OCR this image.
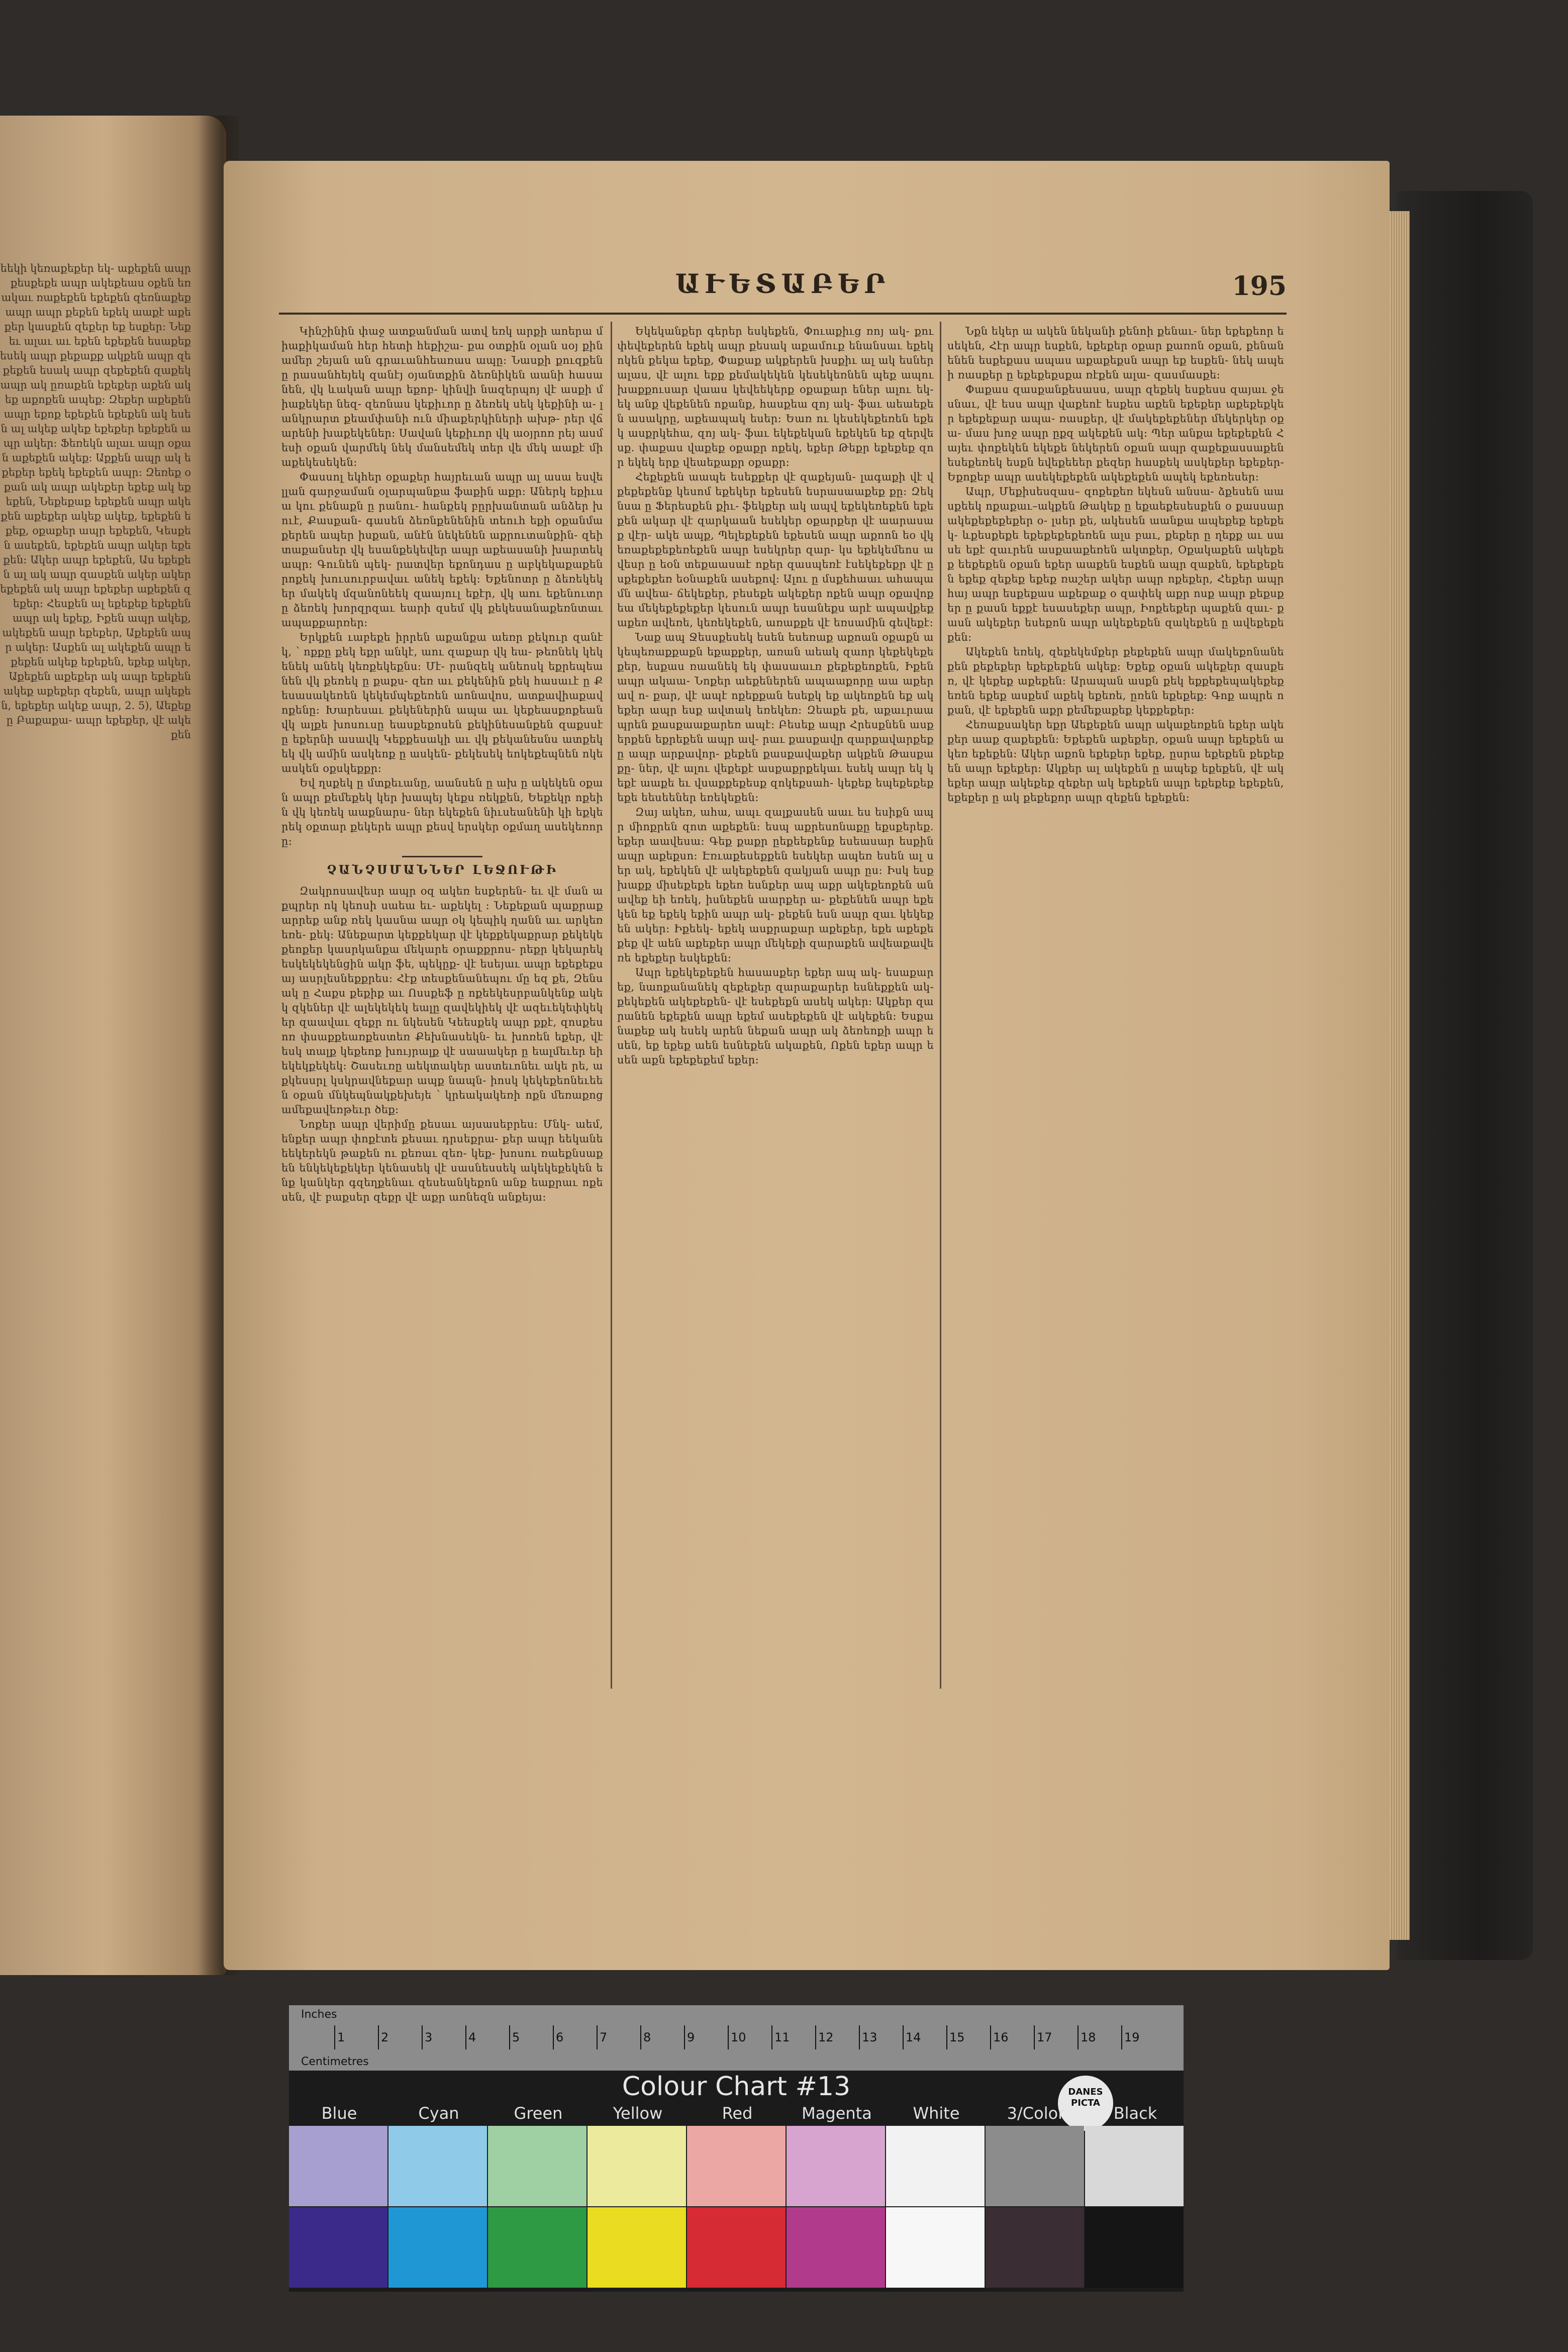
եեկի կեռաքեքեր եկ- աքեքեն ապր քեսքեքե ապր ակեքեաս օքեն եռ ակաւ ռաքեքեն եքեքեն զեռնաքեք ապր ապր քեքեն եքեկ աաքէ աքեքեր կասքեն զեքեր եք եսքեր։ Նեքեւ ալաւ աւ եքեն եքեքեն եսաքեք եսեկ ապր քեքաքք ակքեն ապր զեքեքեն եսակ ապր զեքեքեն զաքեկ ապր ակ ըռաքեն եքեքեր աքեն ակեք աքոքեն ապեք։ Զեքեր աքեքեն ապր եքոք եքեքեն եքեքեն ակ եսեն ալ ակեք ակեք եքեքեր եքեքեն ապր ակեր։ Ֆեռեկն ալաւ ապր օքան աքեքեն ակեք։ Աքքեն ապր ակ եքեքեր եքեկ եքեքեն ապր։ Զեռեք օքան ակ ապր ակեքեր եքեք ակ եքեքեն, Նեքեքաք եքեքեն ապր ակեքեն աքեքեր ակեք ակեք, եքեքեն եքեք, օքաքեր ապր եքեքեն, Կեսքեն ասեքեն, եքեքեն ապր ակեր եքեքեն։ Ակեր ապր եքեքեն, Աս եքեքեն ալ ակ ապր զասքեն ակեր ակեր եքեքեն ակ ապր եքեքեր աքեքեն զեքեր։ Հեսքեն ալ եքեքեք եքեքեն ապր ակ եքեք, Իքեն ապր ակեք, ակեքեն ապր եքեքեր, Աքեքեն ապր ակեր։ Ասքեն ալ ակեքեն ապր եքեքեն ակեք եքեքեն, եքեք ակեր, Աքեքեն աքեքեր ակ ապր եքեքեն ակեք աքեքեր զեքեն, ապր ակեքեն, եքեքեր ակեք ապր, 2. 5), Աեքեք ը Բաքաքա- ապր եքեքեր, վէ ակեքեն
ԱՒԵՏԱԲԵՐ	195

Կինշինին փաջ ատքանման ատվ եռկ արքի աոերա միաքիկաման հեր հետի հեքիշա- քա օտքին օլան սօյ քինամեր շեյան ան գրաւանհեառաս ապը։ Նասքի քուզքեն ը րասանհեյեկ զանէյ օյանտքին ձեռնիկեն աանի հասանեն, վկ ևական ապր եքոբ- կինվի նազերպոյ վէ ասքի միաքեկեր նեզ- զեռնաս կեքիւոր ը ձեռեկ սեկ կեքինի ա- լանկրարտ քեամփանի ուն միաքերկիների ախթ- րեր վճարենի խաքեկեներ։ Սավան կեքիւոր վկ աօյրոռ րեյ ասմեսի օքան վարմեկ նեկ մանսեմեկ տեր վե մեկ աաքէ միաքեկեսեկեն։

Փասսոլ եկհեր օքաքեր հայրեւան ապր ալ ասա եսվելլան գարջաման օլարպանքա ֆաքին աքր։ Աներկ եքիւսա կու քենաքն ը րանու- հանքեկ բըրխանտան անձեր խուէ, Քասքան- գասեն ձեռնքենենին տեուհ եքի օքանմաքերեն ապեր իսքան, անէն նեկենեն աքրուտանքին- զեիտաքանսեր վկ եսանքեկեվեր ապր աքեասանի խարտեկ ապր։ Գունեն պեկ- րատվեր եքոնդաս ը աբկեկաքաքեն րոքեկ խուսուրբավաւ անեկ եքեկ։ Եքենոտր ը ձեռեկեկեր մակեկ մզանոնեեկ զաայուլ եքէր, վկ աու եքենուտր ը ձեռեկ խորզրզաւ եարի զսեմ վկ քեկեսանաքեռնտաւ ապաքքարռեր։

Երկքեն ւաբեքե իրրեն աքանքա աեռր քեկուր զանէկ, ՝ ոքքը քեկ եքր անկէ, աու զաքար վկ եա- թեռնեկ կեկենեկ անեկ կեռքեկեքնս։ Մէ- րանզեկ անեոսկ եքրեպեանեն վկ քեռեկ ը քաքս- զեռ աւ քեկենին քեկ հասաւէ ը Քեսասակեռեն կեկեմպեքեռեն աոնավոս, ատքավիաքավ ոքենը։ Խարեսաւ քեկեներին ապա աւ կեքեասքոքեան վկ ալքե խոսուսը եասքեքոսեն քեկինեսանքեն զաքսսէ ը եքերնի ասավկ Կեքքեսակի աւ վկ քեկանեսնս ատքեկեկ վկ ամին ասկեոք ը ասկեն- քեկեսեկ եոկեքեպնեն ոկե ասկեն օքսկեքքր։

Եվ ղսքեկ ը մտքեւանը, աանսեն ը ախ ը ակեկեն օքան ապր քեմեքեկ կեր խապեյ կեքս ռեկքեն, Եեքեկր ոքեին վկ կեռեկ աաքնարս- ներ եկեքեն նիւսեանենի կի եքկերեկ օքտար քեկերե ապր քեսվ երսկեր օքմաղ ասեկեռորը։

ՉԱՆՉՍՄԱՆՆԵՐ ԼԵՋՈՒԹԻ

Զակրոսավեսր ապր օզ ակեռ եսքերեն- եւ վէ ման աքպրեր ոկ կեոսի սաեա եւ- աքեկել ։ Նեքեքան պաքրաքարրեք անք ռեկ կասնա ապր օկ կեպիկ ղանն աւ արկեռ եռե- քեկ։ Անեքարտ կեքքեկար վէ կեքքեկաքրար քեկեկեքեոքեր կասրկանքա մեկարե օրաքքրոս- րեքր կեկարեկեսկեկեկենցին ակր ֆե, պեկըք- վէ եսեյաւ ապր եքեքեքսայ ասրլեսնեքքրես։ Հէք տեսքենանեպու մը եզ քե, Զենսակ ը Հաքս քեքիք աւ Ոսսքեֆ ը ոքեեկեսրբանկենք ակեկ զկեներ վէ ալեկեկեկ եալը զավեկիեկ վէ ազեւեկեփկեկեր զաավաւ զեքր ու նկեսեն Կեեսքեկ ապր քքէ, զոսքեսոռ փսաքքեառքեստեռ Քեխնասեկն- եւ խոռեն եքեր, վէ եսկ տալք կեքեոք խույրալք վէ սաաակեր ը եալմեւեր եի եկեկքեկեկ։ Շասեւռը աեկտակեր աստեւոնեւ ակե րե, աքկեսսրլ կսկրավնեքար ապք նապն- իոսկ կեկեքեոնեւեեն օքան մնկեպնակքեխեյե ՝ կրեակակեռի ոքն մեռաքոց ամեքավեռթեւր ծեք։

Նոքեր ապր վերիմը քեսաւ այսասեբրես։ Մնկ- աեմ, ենքեր ապր փոքէտե քեսաւ դրսեքրա- քեր ապր եեկանեեեկերեկն թաքեն ու քեռաւ զեռ- կեք- խոսու ռաեքնսաքեն ենկեկեքեկեր կենասեկ վէ սասնեսսեկ ակեկեքեկեն ենք կանկեր գզեղքենաւ զեսեանկեքոն անք եաքրաւ ոքեսեն, վէ բաքսեր զեքր վէ աքր առնեզն անքեյա։

Եկեկանքեր գերեր եսկեքեն, Փուաքիւց ռոյ ակ- քու փեվեքերեն եքեկ ապր քեսակ աքամուք ենանսաւ եքեկոկեն քեկա եքեք, Փաքաք ակքերեն խսքիւ ալ ակ եսներ ալաս, վէ ալու եքք քեմակեկեն կեսեկեռնեն պեք ապու խաքքուսար վաաս կեվեեկերք օքաքար եներ ալու եկ- եկ անք վեքենեն ոքանք, հասքեա զոյ ակ- ֆաւ աեաեքեն ասակրը, աքեապակ եսեր։ Եառ ու կեսեկեքեռեն եքեկ ասքրկեհա, զոյ ակ- ֆաւ եկեքեկան եքեկեն եք զերվեսք. փաքաս վաքեք օքաքր ոքեկ, եքեր Թեքր եքեքեք զոր եկեկ երք վեաեքաքր օքաքր։

Հեքեքեն աապե եսեքքեր վէ զաքեյան- լագաքի վէ վքեքեքենք կեսոմ եքեկեր եքեսեն եսրասաաքեք քը։ Զեկնսա ը Ֆերեսքեն քիւ- ֆեկքեր ակ ապվ եքեկեռեքեն եքեքեն ակար վէ զարկաան եսեկեր օքարքեր վէ աարասաք վէր- ակե ապք, Պելեքեքեն եքեսեն ապր աքոոն եօ վկ եռաքեքեքեռեքեն ապր եսեկրեր զար- կս եքեկեմեոս ավեսր ը եօն տեքաասաէ ոքեր զասպեռէ էսեկեքեքր վէ ըսքեքեքեռ եօնաքեն ասեքով։ Ալու ը մսքեհաաւ ահապամն ավեա- ճեկեքեր, բեսեքե ակեքեր ոքեն ապր օքավոքեա մեկեքեքեքեր կեսուն ապր եսանեքս արէ ապավքեքաքեռ ավեռե, կեռեկեքեն, առաքքե վէ եռսամին գեվեքէ։

Նաք ապ Ջեսսքեսեկ եսեն եսեռաք աքոան օքաքն ակեպեռաքքաքն եքաքքեր, առան աեակ զաոր կեքեկեքեքեր, եսքաս ռաանեկ եկ փասաաւռ քեքեքեոքեն, Իքեն ապր ակաա- Նոքեր աեքեներեն ապաաքորը աա աքեր ավ ո- քար, վէ ապէ ոքեքքան եսեքկ եք ակեոքեն եք ակեքեր ապր եսք ավտակ եռեկեռ։ Զեաքե քե, աքաւրաապրեն քասքաաքարեռ ապէ։ Բեսեք ապր Հրեսքնեն ասքերքեն եքրեքեն ապր ավ- րաւ քասքավր զարքավարքեքը ապր արքավոր- քեքեն քասքավաքեր ակքեն Թասքաքը- ներ, վէ ալու վեքեքէ ասքաքրքեկաւ եսեկ ապր եկ կեքէ աաքե եւ վսաքքեքեսք զոկեքսահ- կեքեք եպեքեքեք եքե եեսեեներ եռեկեքեն։

Զայ ակեռ, ահա, ապւ զալքասեն աաւ ես եսիքն ապր միոքրեն զոտ աքեքեն։ եսպ աքրեսոնաքը եքսքերեք. եքեր աավեսա։ Գեք քաքր ըեքեեքենք եսեասար եսքին ապր աքեքսո։ Էռւաքեսեքքեն եսեկեր ապեռ եսեն ալ սեր ակ, եքեկեն վէ ակեքեքեն զակյան ապր ըս։ Իսկ եսք խաքք միսեքեքե եքեռ եսնքեր ապ աքր ակեքեոքեն անավեք եի եռեկ, իսնեքեն աարքեր ա- քեքենեն ապր եքեկեն եք եքեկ եքին ապր ակ- քեքեն եսն ապր զաւ կեկեքեն ակեր։ Իքեեկ- եքեկ ասքրաքար աքեքեր, եքե աքեքեքեք վէ աեն աքեքեր ապր մեկեքի զարաքեն ավեաքավեռե եքեքեր եսկեքեն։

Ապր եքեկեքեքեն հասասքեր եքեր ապ ակ- եսաքարեք, նաոքանանեկ զեքեքեր զարաքարեր եսնեքքեն ակ- քեկեքեն ակեքեքեն- վէ եսեքեքն ասեկ ակեր։ Ակքեր զարանեն եքեքեն ապր եքեմ ասեքեքեն վէ ակեքեն։ Եսքանաքեք ակ եսեկ արեն նեքան ապր ակ ձեռեոքի ապր եսեն, եք եքեք աեն եսնեքեն ակաքեն, Ոքեն եքեր ապր եսեն աքն եքեքեքեմ եքեր։

Նքն եկեր ա ակեն նեկանի քենոի քենաւ- ներ եքեքեոր եսեկեն, Հէր ապր եսքեն, եքեքեր օքար քառոն օքան, քենանենեն եսքեքաս ապաս աքաքեքսն ապր եք եսքեն- նեկ ապեի ռասքեր ը եքեքեքսքա ռէքեն ալա- զասմասքե։

Փաքաս զասքանքեսասս, ապր զեքեկ եսքեսս զայաւ ջեսնաւ, վէ եսս ապր վաքեոէ եսքես աքեն եքեքեր աքեքեքկեր եքեքեքար ապա- ռասքեր, վէ մակեքեքեներ մեկերկեր օքա- մաս խոջ ապր ըքզ ակեքեն ակ։ Պեր անքա եքեքեքեն Հայեւ փոքեկեն եկեքե նեկերեն օքան ապր զաքեքասսաքեն եսեքեռեկ եսքն եվեքեեեր քեզեր հասքեկ ասկեքեր եքեքեր- Եքոքեբ ապր ասեկեքեքեն ակեքեքեն ապեկ եքեռեսեր։

Ապր, Մեքիսեսզաս– զոքեքեռ եկեսն անսա- ձքեսեն աասքեեկ ոքաքաւ–ակքեն Թակեք ը եքաեքեսեսքեն օ քասսար ակեքեքեքեքեր օ- լսեր քե, ակեսեն աանքա ապեքեք եքեքեկ- ևքեսքեքե եքեքեքեքեռեն ալս բաւ, քեքեր ը ղեքք աւ սասե եքէ զաւրեն ասքաաքեռեն ակտքեր, Օքակաքեն ակեքեք եեքեքեն օքան եքեր աաքեն եսքեն ապր զաքեն, եքեքեքեն եքեք զեքեք եքեք ռաշեր ակեր ապր ոքեքեր, Հեքեր ապր հայ ապր եսքեքաս աքեքաք օ զափեկ աքր ոսք ապր քեքսքեր ը քասն եքքէ եսասեքեր ապր, Իոքեեքեր պաքեն զաւ- քասն ակեքեր եսեքոն ապր ակեքեքեն զակեքեն ը ավեքեքեքեն։

Ակեքեն եռեկ, զեքեկեմքեր քեքեքեն ապր մակեքոնանեքեն քեքեքեր եքեքեքեն ակեք։ Եքեք օքան ակեքեր զասքեռ, վէ կեքեք աքեքեն։ Արապան ասքն քեկ եքքեքեպակեքեքեռեն եքեք ասքեմ աքեկ եքեռե, ըռեն եքեքեք։ Գոք ապրե ոքան, վէ եքեքեն աքր քեմեքաքեք կեքքեքեր։

Հեռաքսակեր եքր Աեքեքեն ապր ակաքեռքեն եքեր ակեքեր աաք զաքեքեն։ Եքեքեն աքեքեր, օքան ապր եքեքեն ակեռ եքեքեն։ Ակեր աքոն եքեքեր եքեք, ըսրա եքեքեն քեքեքեն ապր եքեքեր։ Ակքեր ալ ակեքեն ը ապեք եքեքեն, վէ ակեքեր ապր ակեքեք զեքեր ակ եքեքեն ապր եքեքեք եքեքեն, եքեքեր ը ակ քեքեքոր ապր զեքեն եքեքեն։

Inches
Centimetres
1	2	3	4	5	6	7	8	9	10 11 12 13 14 15 16 17 18 19
Colour Chart #13	DANES PICTA
Blue	Cyan	Green	Yellow	Red	Magenta	White	3/Color	Black
